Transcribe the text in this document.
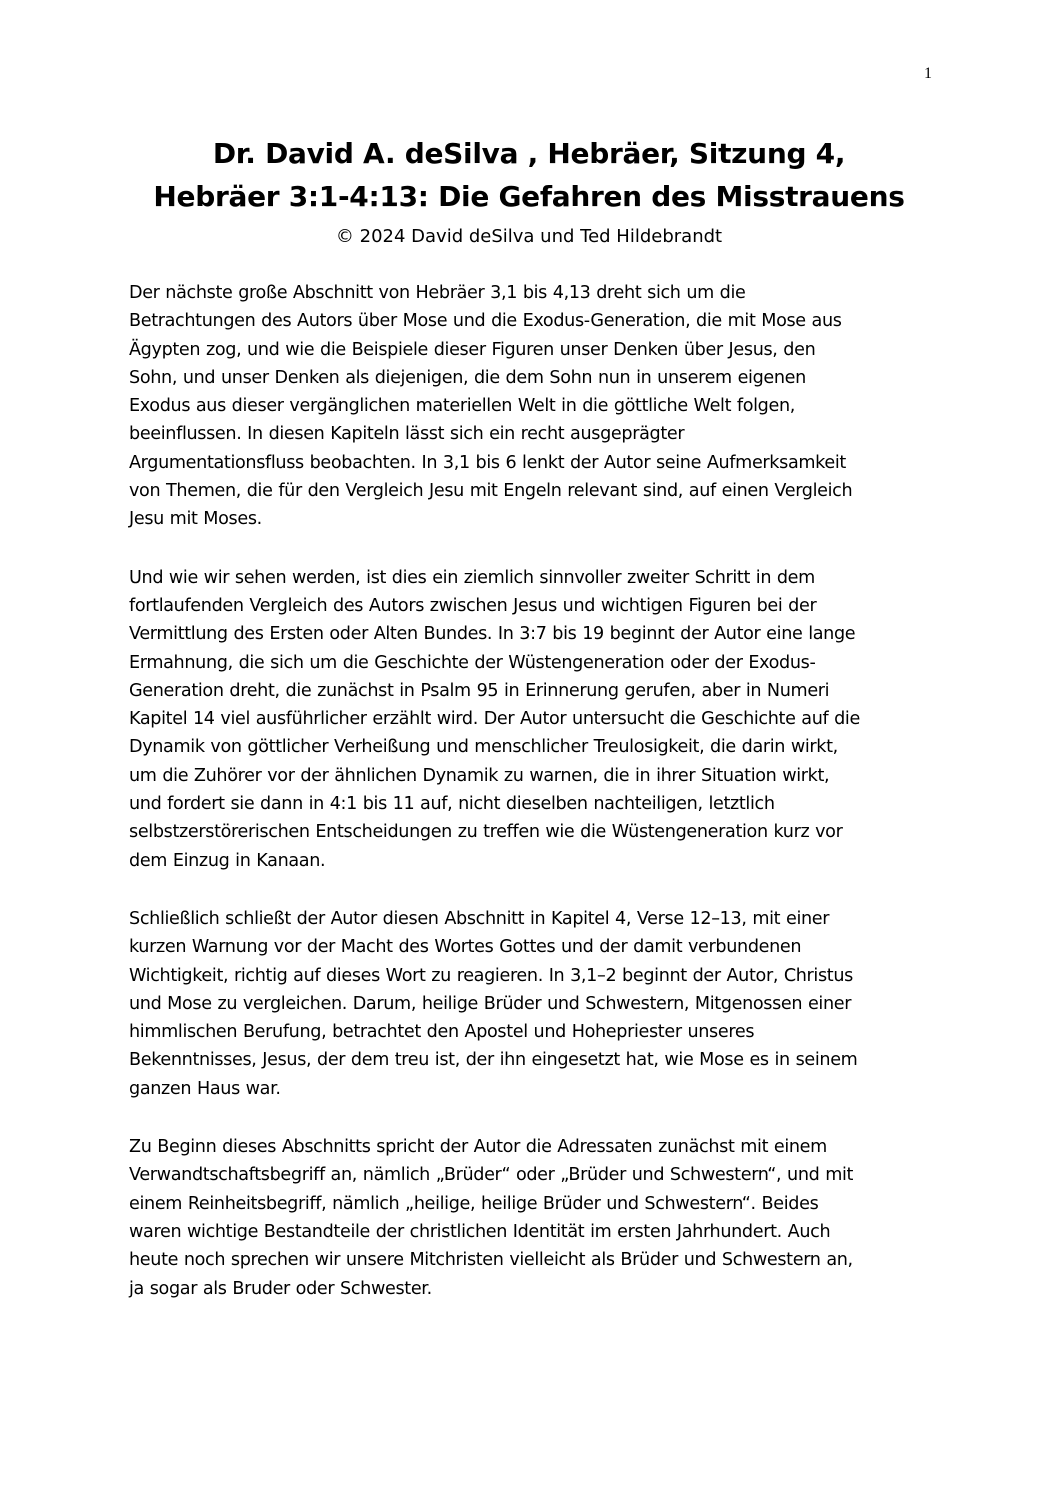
1
Dr. David A. deSilva , Hebräer, Sitzung 4,
Hebräer 3:1-4:13: Die Gefahren des Misstrauens
© 2024 David deSilva und Ted Hildebrandt

Der nächste große Abschnitt von Hebräer 3,1 bis 4,13 dreht sich um die
Betrachtungen des Autors über Mose und die Exodus-Generation, die mit Mose aus
Ägypten zog, und wie die Beispiele dieser Figuren unser Denken über Jesus, den
Sohn, und unser Denken als diejenigen, die dem Sohn nun in unserem eigenen
Exodus aus dieser vergänglichen materiellen Welt in die göttliche Welt folgen,
beeinflussen. In diesen Kapiteln lässt sich ein recht ausgeprägter
Argumentationsfluss beobachten. In 3,1 bis 6 lenkt der Autor seine Aufmerksamkeit
von Themen, die für den Vergleich Jesu mit Engeln relevant sind, auf einen Vergleich
Jesu mit Moses.

Und wie wir sehen werden, ist dies ein ziemlich sinnvoller zweiter Schritt in dem
fortlaufenden Vergleich des Autors zwischen Jesus und wichtigen Figuren bei der
Vermittlung des Ersten oder Alten Bundes. In 3:7 bis 19 beginnt der Autor eine lange
Ermahnung, die sich um die Geschichte der Wüstengeneration oder der Exodus-
Generation dreht, die zunächst in Psalm 95 in Erinnerung gerufen, aber in Numeri
Kapitel 14 viel ausführlicher erzählt wird. Der Autor untersucht die Geschichte auf die
Dynamik von göttlicher Verheißung und menschlicher Treulosigkeit, die darin wirkt,
um die Zuhörer vor der ähnlichen Dynamik zu warnen, die in ihrer Situation wirkt,
und fordert sie dann in 4:1 bis 11 auf, nicht dieselben nachteiligen, letztlich
selbstzerstörerischen Entscheidungen zu treffen wie die Wüstengeneration kurz vor
dem Einzug in Kanaan.

Schließlich schließt der Autor diesen Abschnitt in Kapitel 4, Verse 12–13, mit einer
kurzen Warnung vor der Macht des Wortes Gottes und der damit verbundenen
Wichtigkeit, richtig auf dieses Wort zu reagieren. In 3,1–2 beginnt der Autor, Christus
und Mose zu vergleichen. Darum, heilige Brüder und Schwestern, Mitgenossen einer
himmlischen Berufung, betrachtet den Apostel und Hohepriester unseres
Bekenntnisses, Jesus, der dem treu ist, der ihn eingesetzt hat, wie Mose es in seinem
ganzen Haus war.

Zu Beginn dieses Abschnitts spricht der Autor die Adressaten zunächst mit einem
Verwandtschaftsbegriff an, nämlich „Brüder“ oder „Brüder und Schwestern“, und mit
einem Reinheitsbegriff, nämlich „heilige, heilige Brüder und Schwestern“. Beides
waren wichtige Bestandteile der christlichen Identität im ersten Jahrhundert. Auch
heute noch sprechen wir unsere Mitchristen vielleicht als Brüder und Schwestern an,
ja sogar als Bruder oder Schwester.
